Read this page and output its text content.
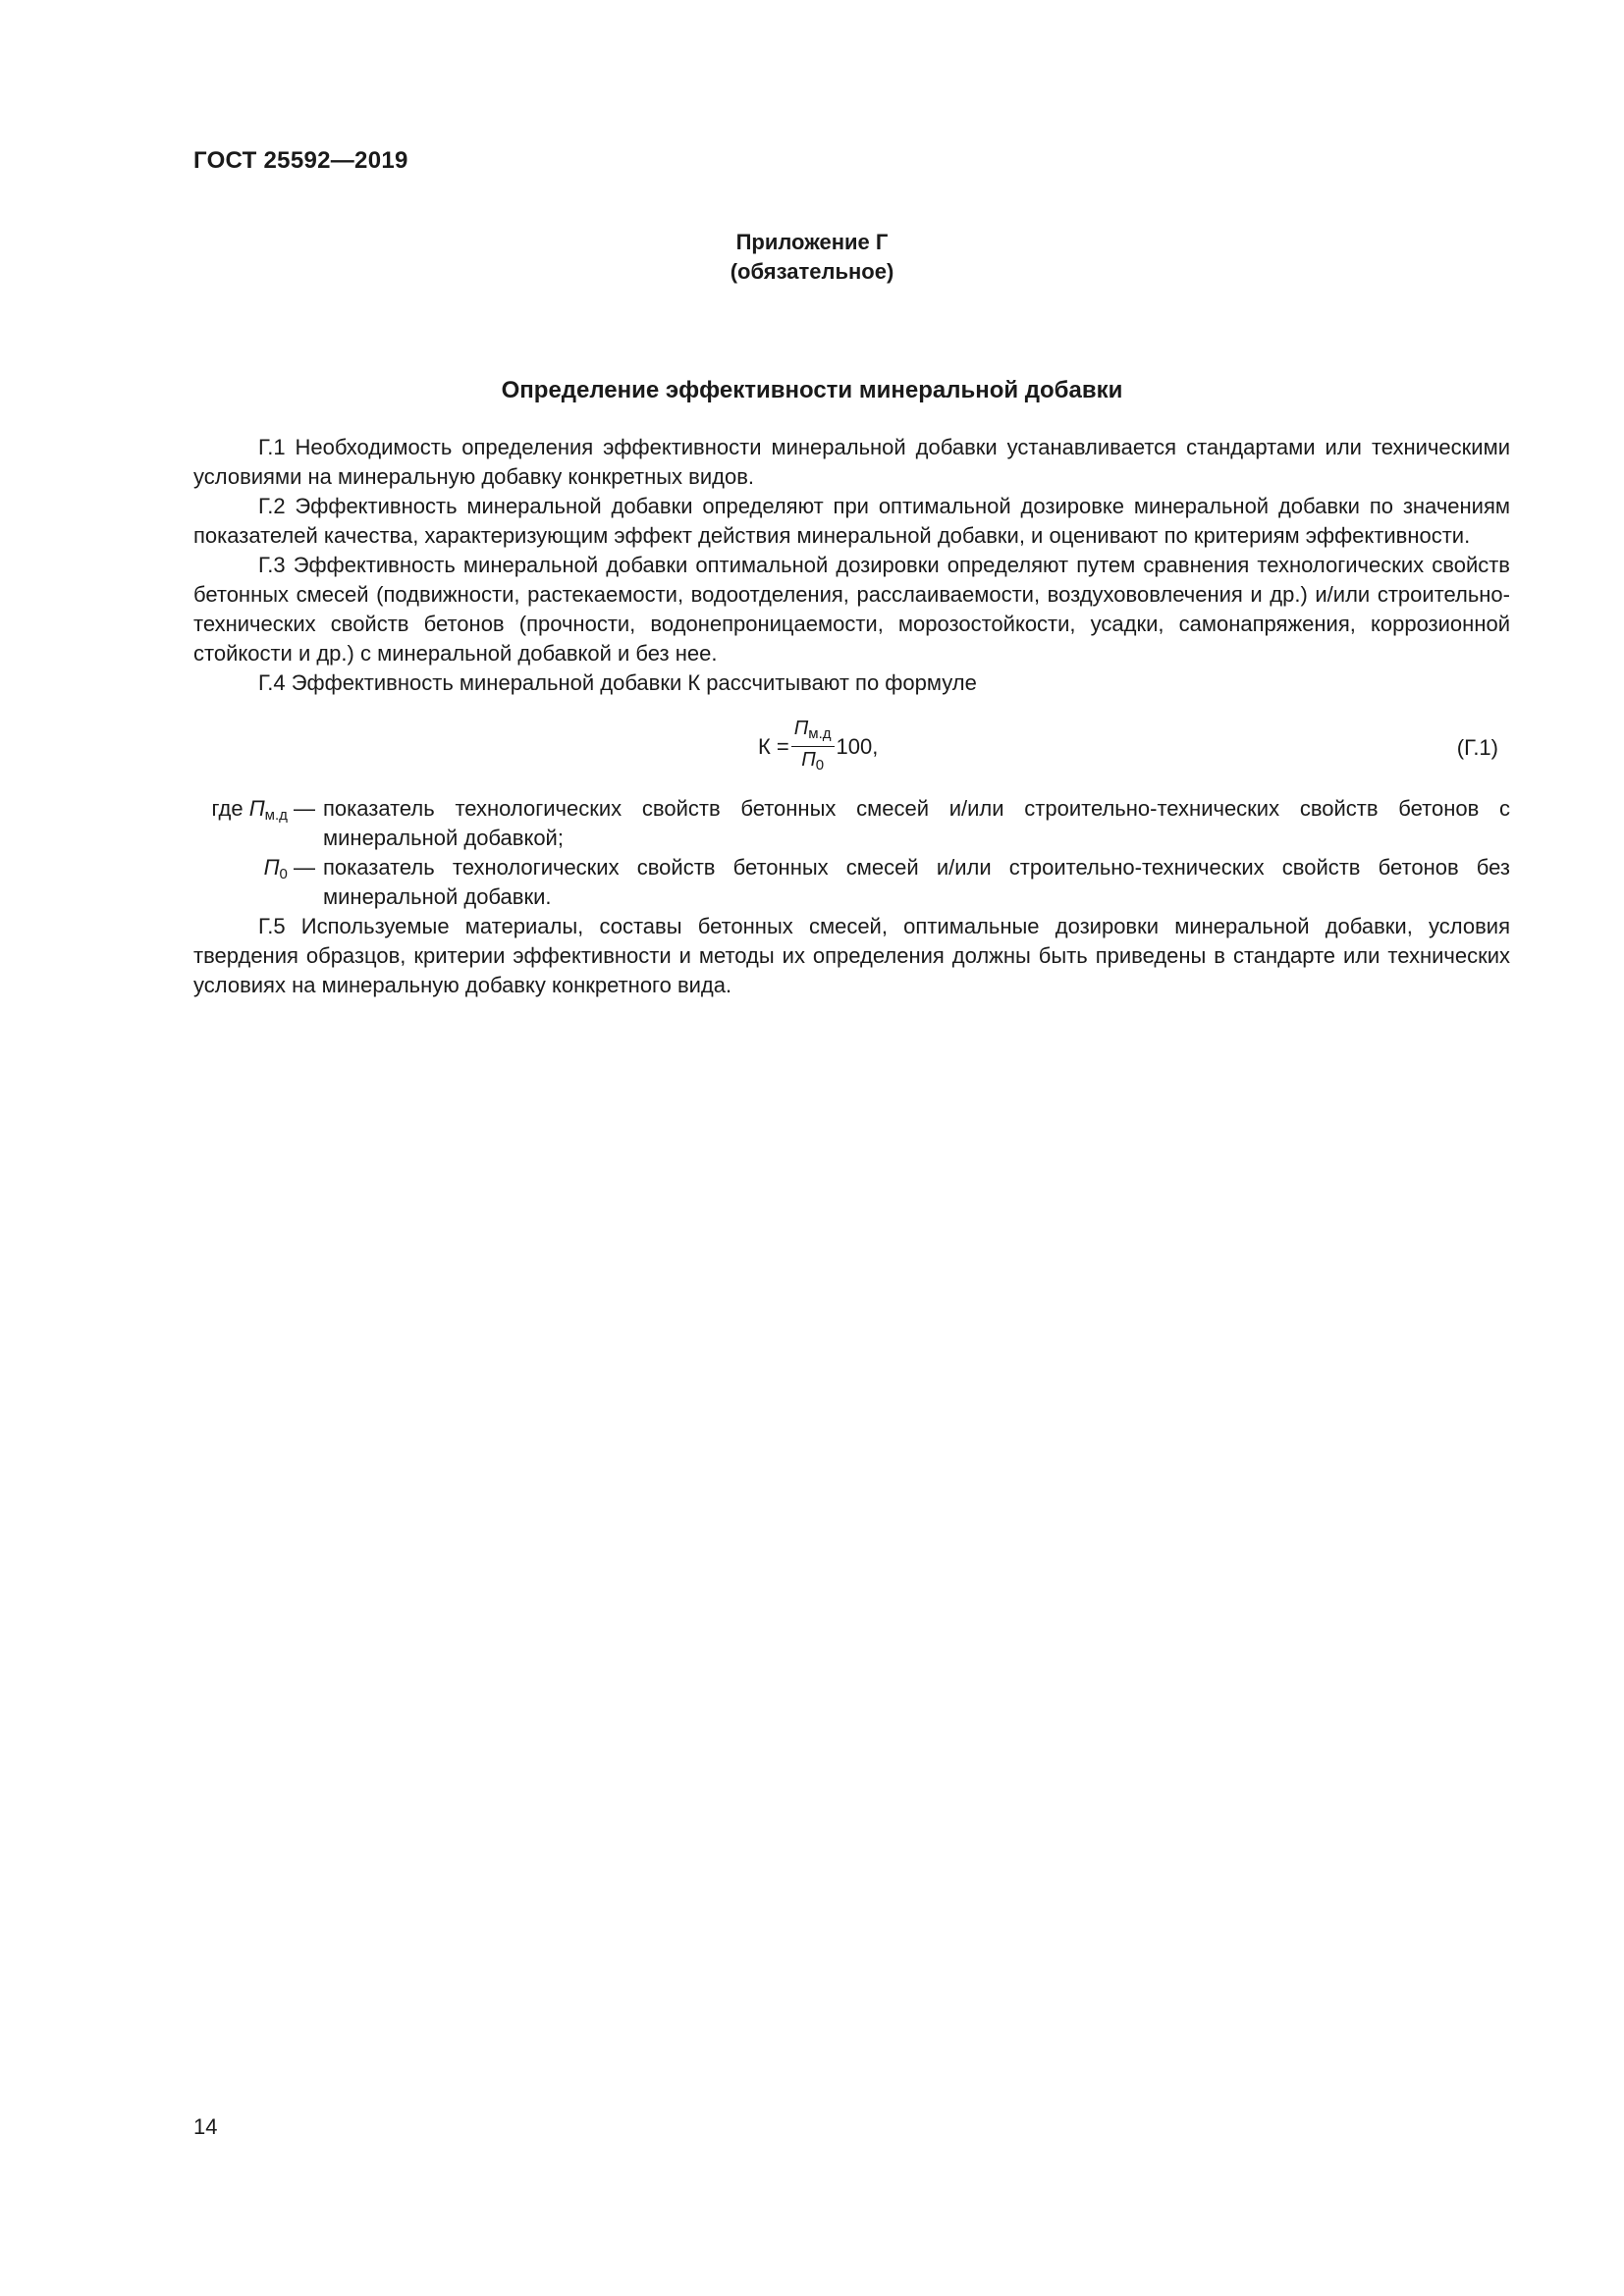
ГОСТ 25592—2019
Приложение Г
(обязательное)
Определение эффективности минеральной добавки

Г.1 Необходимость определения эффективности минеральной добавки устанавливается стандартами или техническими условиями на минеральную добавку конкретных видов.

Г.2 Эффективность минеральной добавки определяют при оптимальной дозировке минеральной добавки по значениям показателей качества, характеризующим эффект действия минеральной добавки, и оценивают по критериям эффективности.

Г.3 Эффективность минеральной добавки оптимальной дозировки определяют путем сравнения технологических свойств бетонных смесей (подвижности, растекаемости, водоотделения, расслаиваемости, воздухововлечения и др.) и/или строительно-технических свойств бетонов (прочности, водонепроницаемости, морозостойкости, усадки, самонапряжения, коррозионной стойкости и др.) с минеральной добавкой и без нее.

Г.4 Эффективность минеральной добавки К рассчитывают по формуле

$К = \frac{П_{м.д}}{П_0} 100$,	(Г.1)
где $П_{м.д}$ — показатель технологических свойств бетонных смесей и/или строительно-технических свойств бетонов с минеральной добавкой;
$П_0$ — показатель технологических свойств бетонных смесей и/или строительно-технических свойств бетонов без минеральной добавки.

Г.5 Используемые материалы, составы бетонных смесей, оптимальные дозировки минеральной добавки, условия твердения образцов, критерии эффективности и методы их определения должны быть приведены в стандарте или технических условиях на минеральную добавку конкретного вида.

14
